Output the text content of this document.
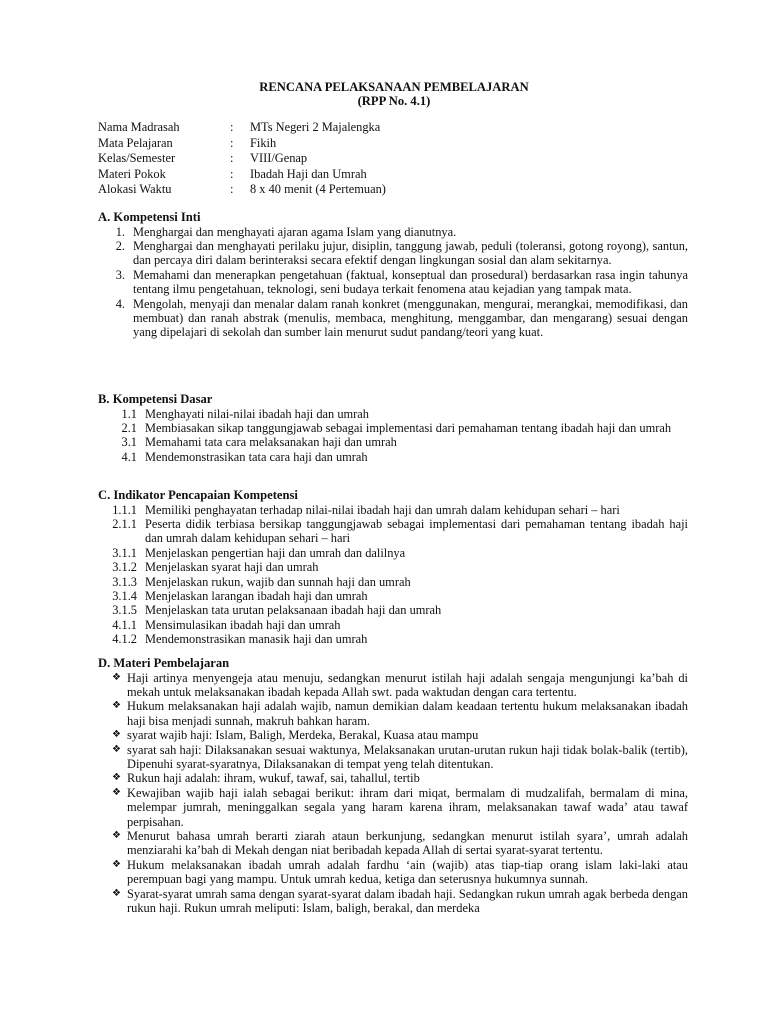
RENCANA PELAKSANAAN PEMBELAJARAN
(RPP No. 4.1)
Nama Madrasah	:	MTs Negeri 2 Majalengka
Mata Pelajaran	:	Fikih
Kelas/Semester	:	VIII/Genap
Materi Pokok	:	Ibadah Haji dan Umrah
Alokasi Waktu	:	8 x 40 menit (4 Pertemuan)
A. Kompetensi Inti
1. Menghargai dan menghayati ajaran agama Islam yang dianutnya.
2. Menghargai dan menghayati perilaku jujur, disiplin, tanggung jawab, peduli (toleransi, gotong royong), santun, dan percaya diri dalam berinteraksi secara efektif dengan lingkungan sosial dan alam sekitarnya.
3. Memahami dan menerapkan pengetahuan (faktual, konseptual dan prosedural) berdasarkan rasa ingin tahunya tentang ilmu pengetahuan, teknologi, seni budaya terkait fenomena atau kejadian yang tampak mata.
4. Mengolah, menyaji dan menalar dalam ranah konkret (menggunakan, mengurai, merangkai, memodifikasi, dan membuat) dan ranah abstrak (menulis, membaca, menghitung, menggambar, dan mengarang) sesuai dengan yang dipelajari di sekolah dan sumber lain menurut sudut pandang/teori yang kuat.
B. Kompetensi Dasar
1.1 Menghayati nilai-nilai ibadah haji dan umrah
2.1 Membiasakan sikap tanggungjawab sebagai implementasi dari pemahaman tentang ibadah haji dan umrah
3.1 Memahami tata cara melaksanakan haji dan umrah
4.1 Mendemonstrasikan tata cara haji dan umrah
C. Indikator Pencapaian Kompetensi
1.1.1 Memiliki penghayatan terhadap nilai-nilai ibadah haji dan umrah dalam kehidupan sehari – hari
2.1.1 Peserta didik terbiasa bersikap tanggungjawab sebagai implementasi dari pemahaman tentang ibadah haji dan umrah dalam kehidupan sehari – hari
3.1.1 Menjelaskan pengertian haji dan umrah dan dalilnya
3.1.2 Menjelaskan syarat haji dan umrah
3.1.3 Menjelaskan rukun, wajib dan sunnah haji dan umrah
3.1.4 Menjelaskan larangan ibadah haji dan umrah
3.1.5 Menjelaskan tata urutan pelaksanaan ibadah haji dan umrah
4.1.1 Mensimulasikan ibadah haji dan umrah
4.1.2 Mendemonstrasikan manasik haji dan umrah
D. Materi Pembelajaran
❖ Haji artinya menyengeja atau menuju, sedangkan menurut istilah haji adalah sengaja mengunjungi ka’bah di mekah untuk melaksanakan ibadah kepada Allah swt. pada waktudan dengan cara tertentu.
❖ Hukum melaksanakan haji adalah wajib, namun demikian dalam keadaan tertentu hukum melaksanakan ibadah haji bisa menjadi sunnah, makruh bahkan haram.
❖ syarat wajib haji: Islam, Baligh, Merdeka, Berakal, Kuasa atau mampu
❖ syarat sah haji: Dilaksanakan sesuai waktunya, Melaksanakan urutan-urutan rukun haji tidak bolak-balik (tertib), Dipenuhi syarat-syaratnya, Dilaksanakan di tempat yeng telah ditentukan.
❖ Rukun haji adalah: ihram, wukuf, tawaf, sai, tahallul, tertib
❖ Kewajiban wajib haji ialah sebagai berikut: ihram dari miqat, bermalam di mudzalifah, bermalam di mina, melempar jumrah, meninggalkan segala yang haram karena ihram, melaksanakan tawaf wada’ atau tawaf perpisahan.
❖ Menurut bahasa umrah berarti ziarah ataun berkunjung, sedangkan menurut istilah syara’, umrah adalah menziarahi ka’bah di Mekah dengan niat beribadah kepada Allah di sertai syarat-syarat tertentu.
❖ Hukum melaksanakan ibadah umrah adalah fardhu ‘ain (wajib) atas tiap-tiap orang islam laki-laki atau perempuan bagi yang mampu. Untuk umrah kedua, ketiga dan seterusnya hukumnya sunnah.
❖ Syarat-syarat umrah sama dengan syarat-syarat dalam ibadah haji. Sedangkan rukun umrah agak berbeda dengan rukun haji. Rukun umrah meliputi: Islam, baligh, berakal, dan merdeka
